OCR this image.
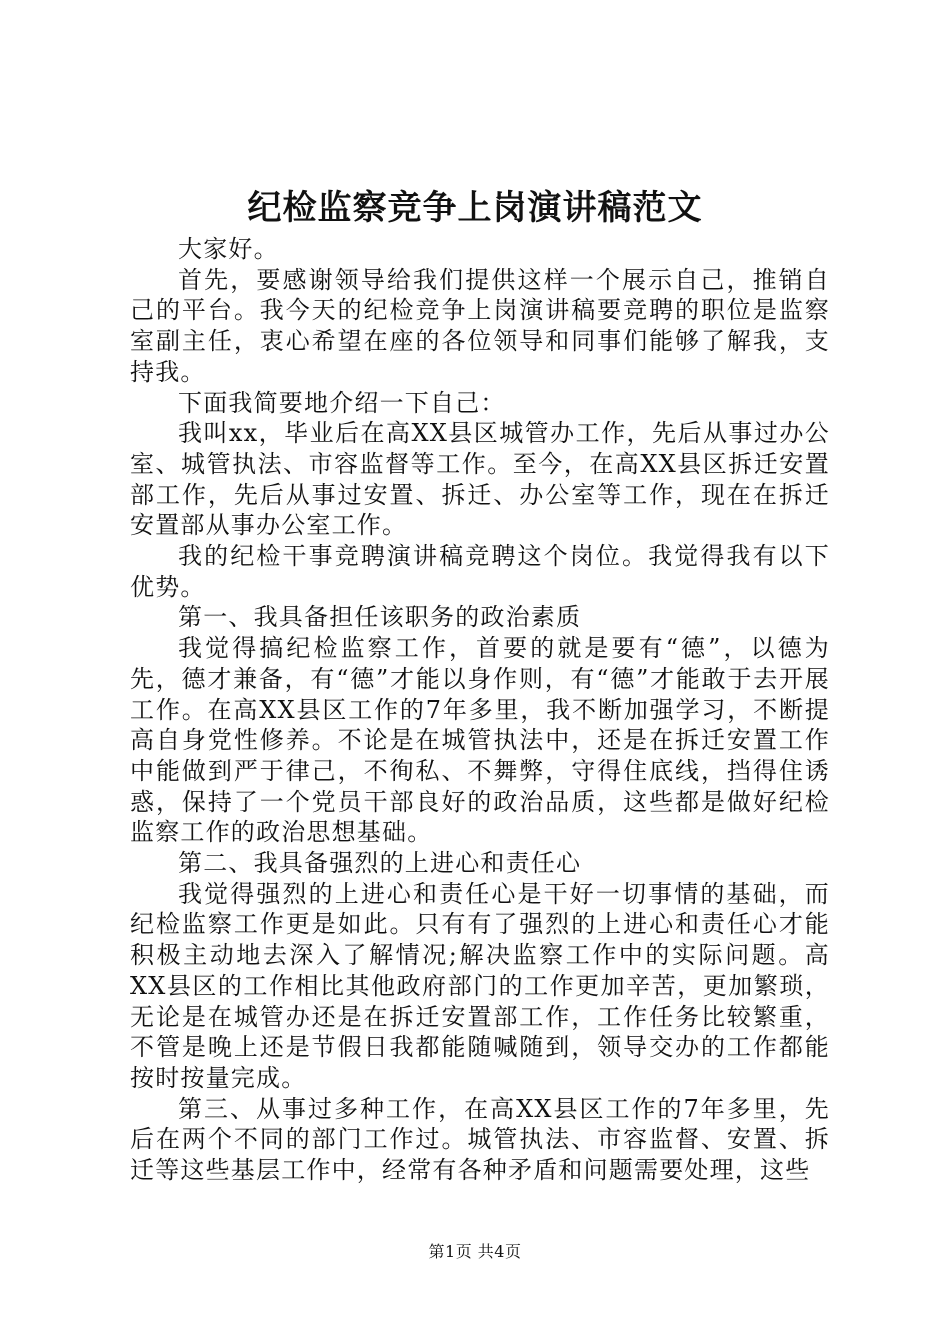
纪检监察竞争上岗演讲稿范文

大家好。

首先，要感谢领导给我们提供这样一个展示自己，推销自己的平台。我今天的纪检竞争上岗演讲稿要竞聘的职位是监察室副主任，衷心希望在座的各位领导和同事们能够了解我，支持我。

下面我简要地介绍一下自己：

我叫xx，毕业后在高XX县区城管办工作，先后从事过办公室、城管执法、市容监督等工作。至今，在高XX县区拆迁安置部工作，先后从事过安置、拆迁、办公室等工作，现在在拆迁安置部从事办公室工作。

我的纪检干事竞聘演讲稿竞聘这个岗位。我觉得我有以下优势。

第一、我具备担任该职务的政治素质

我觉得搞纪检监察工作，首要的就是要有“德”，以德为先，德才兼备，有“德”才能以身作则，有“德”才能敢于去开展工作。在高XX县区工作的7年多里，我不断加强学习，不断提高自身党性修养。不论是在城管执法中，还是在拆迁安置工作中能做到严于律己，不徇私、不舞弊，守得住底线，挡得住诱惑，保持了一个党员干部良好的政治品质，这些都是做好纪检监察工作的政治思想基础。

第二、我具备强烈的上进心和责任心

我觉得强烈的上进心和责任心是干好一切事情的基础，而纪检监察工作更是如此。只有有了强烈的上进心和责任心才能积极主动地去深入了解情况;解决监察工作中的实际问题。高XX县区的工作相比其他政府部门的工作更加辛苦，更加繁琐，无论是在城管办还是在拆迁安置部工作，工作任务比较繁重，不管是晚上还是节假日我都能随喊随到，领导交办的工作都能按时按量完成。

第三、从事过多种工作，在高XX县区工作的7年多里，先后在两个不同的部门工作过。城管执法、市容监督、安置、拆迁等这些基层工作中，经常有各种矛盾和问题需要处理，这些

第1页 共4页
